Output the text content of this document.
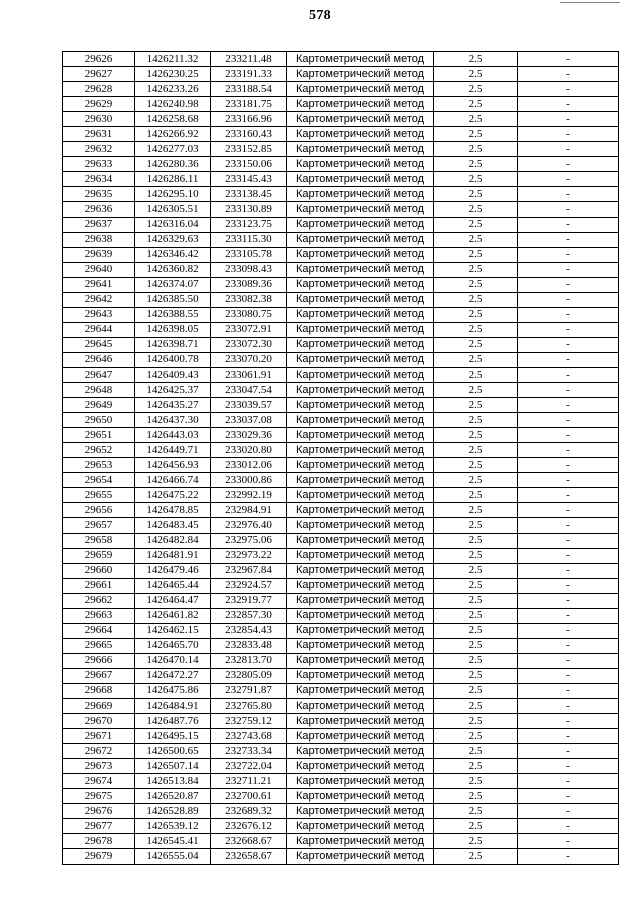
578
29626	1426211.32	233211.48	Картометрический метод	2.5	-
29627	1426230.25	233191.33	Картометрический метод	2.5	-
29628	1426233.26	233188.54	Картометрический метод	2.5	-
29629	1426240.98	233181.75	Картометрический метод	2.5	-
29630	1426258.68	233166.96	Картометрический метод	2.5	-
29631	1426266.92	233160.43	Картометрический метод	2.5	-
29632	1426277.03	233152.85	Картометрический метод	2.5	-
29633	1426280.36	233150.06	Картометрический метод	2.5	-
29634	1426286.11	233145.43	Картометрический метод	2.5	-
29635	1426295.10	233138.45	Картометрический метод	2.5	-
29636	1426305.51	233130.89	Картометрический метод	2.5	-
29637	1426316.04	233123.75	Картометрический метод	2.5	-
29638	1426329.63	233115.30	Картометрический метод	2.5	-
29639	1426346.42	233105.78	Картометрический метод	2.5	-
29640	1426360.82	233098.43	Картометрический метод	2.5	-
29641	1426374.07	233089.36	Картометрический метод	2.5	-
29642	1426385.50	233082.38	Картометрический метод	2.5	-
29643	1426388.55	233080.75	Картометрический метод	2.5	-
29644	1426398.05	233072.91	Картометрический метод	2.5	-
29645	1426398.71	233072.30	Картометрический метод	2.5	-
29646	1426400.78	233070.20	Картометрический метод	2.5	-
29647	1426409.43	233061.91	Картометрический метод	2.5	-
29648	1426425.37	233047.54	Картометрический метод	2.5	-
29649	1426435.27	233039.57	Картометрический метод	2.5	-
29650	1426437.30	233037.08	Картометрический метод	2.5	-
29651	1426443.03	233029.36	Картометрический метод	2.5	-
29652	1426449.71	233020.80	Картометрический метод	2.5	-
29653	1426456.93	233012.06	Картометрический метод	2.5	-
29654	1426466.74	233000.86	Картометрический метод	2.5	-
29655	1426475.22	232992.19	Картометрический метод	2.5	-
29656	1426478.85	232984.91	Картометрический метод	2.5	-
29657	1426483.45	232976.40	Картометрический метод	2.5	-
29658	1426482.84	232975.06	Картометрический метод	2.5	-
29659	1426481.91	232973.22	Картометрический метод	2.5	-
29660	1426479.46	232967.84	Картометрический метод	2.5	-
29661	1426465.44	232924.57	Картометрический метод	2.5	-
29662	1426464.47	232919.77	Картометрический метод	2.5	-
29663	1426461.82	232857.30	Картометрический метод	2.5	-
29664	1426462.15	232854.43	Картометрический метод	2.5	-
29665	1426465.70	232833.48	Картометрический метод	2.5	-
29666	1426470.14	232813.70	Картометрический метод	2.5	-
29667	1426472.27	232805.09	Картометрический метод	2.5	-
29668	1426475.86	232791.87	Картометрический метод	2.5	-
29669	1426484.91	232765.80	Картометрический метод	2.5	-
29670	1426487.76	232759.12	Картометрический метод	2.5	-
29671	1426495.15	232743.68	Картометрический метод	2.5	-
29672	1426500.65	232733.34	Картометрический метод	2.5	-
29673	1426507.14	232722.04	Картометрический метод	2.5	-
29674	1426513.84	232711.21	Картометрический метод	2.5	-
29675	1426520.87	232700.61	Картометрический метод	2.5	-
29676	1426528.89	232689.32	Картометрический метод	2.5	-
29677	1426539.12	232676.12	Картометрический метод	2.5	-
29678	1426545.41	232668.67	Картометрический метод	2.5	-
29679	1426555.04	232658.67	Картометрический метод	2.5	-
